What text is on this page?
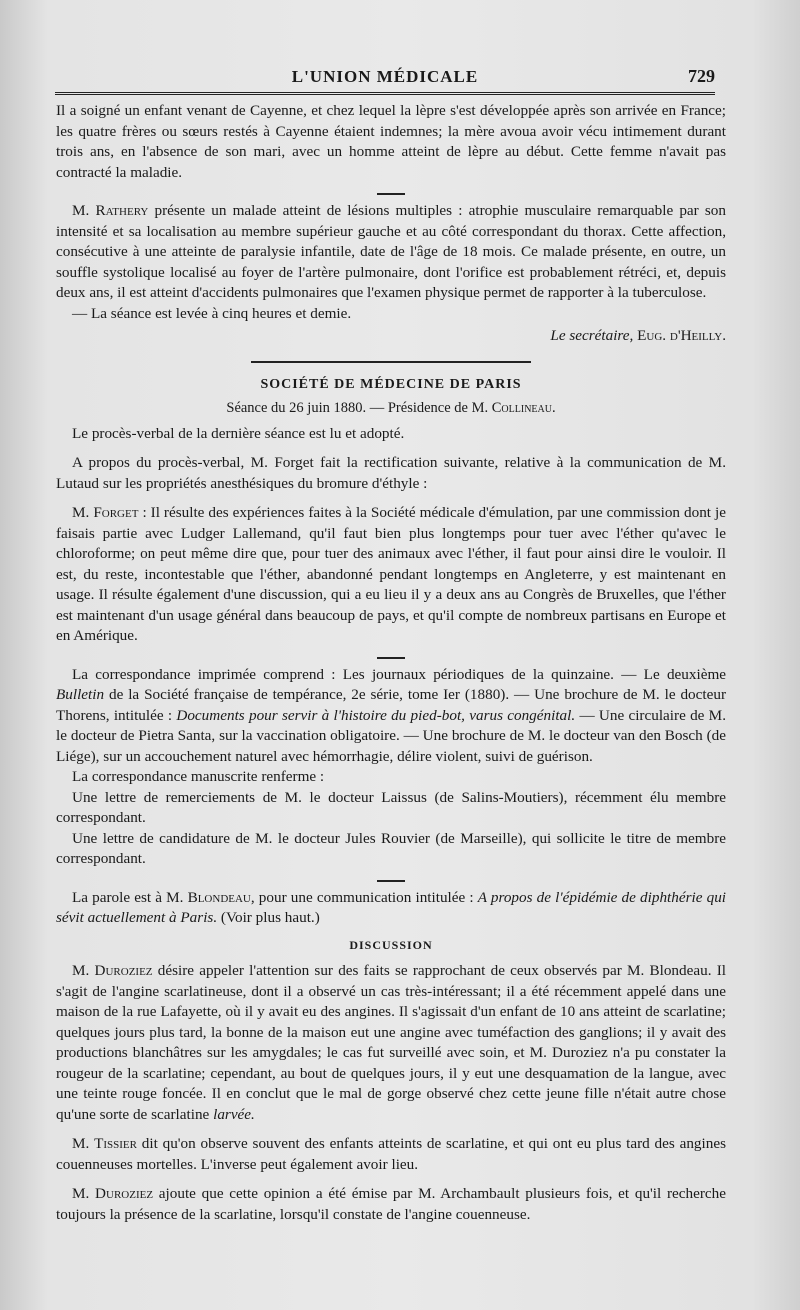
L'UNION MÉDICALE	729

Il a soigné un enfant venant de Cayenne, et chez lequel la lèpre s'est développée après son arrivée en France; les quatre frères ou sœurs restés à Cayenne étaient indemnes; la mère avoua avoir vécu intimement durant trois ans, en l'absence de son mari, avec un homme atteint de lèpre au début. Cette femme n'avait pas contracté la maladie.

M. Rathery présente un malade atteint de lésions multiples : atrophie musculaire remarquable par son intensité et sa localisation au membre supérieur gauche et au côté correspondant du thorax. Cette affection, consécutive à une atteinte de paralysie infantile, date de l'âge de 18 mois. Ce malade présente, en outre, un souffle systolique localisé au foyer de l'artère pulmonaire, dont l'orifice est probablement rétréci, et, depuis deux ans, il est atteint d'accidents pulmonaires que l'examen physique permet de rapporter à la tuberculose.

— La séance est levée à cinq heures et demie.

Le secrétaire, Eug. d'Heilly.

SOCIÉTÉ DE MÉDECINE DE PARIS

Séance du 26 juin 1880. — Présidence de M. Collineau.

Le procès-verbal de la dernière séance est lu et adopté.

A propos du procès-verbal, M. Forget fait la rectification suivante, relative à la communication de M. Lutaud sur les propriétés anesthésiques du bromure d'éthyle :

M. Forget : Il résulte des expériences faites à la Société médicale d'émulation, par une commission dont je faisais partie avec Ludger Lallemand, qu'il faut bien plus longtemps pour tuer avec l'éther qu'avec le chloroforme; on peut même dire que, pour tuer des animaux avec l'éther, il faut pour ainsi dire le vouloir. Il est, du reste, incontestable que l'éther, abandonné pendant longtemps en Angleterre, y est maintenant en usage. Il résulte également d'une discussion, qui a eu lieu il y a deux ans au Congrès de Bruxelles, que l'éther est maintenant d'un usage général dans beaucoup de pays, et qu'il compte de nombreux partisans en Europe et en Amérique.

La correspondance imprimée comprend : Les journaux périodiques de la quinzaine. — Le deuxième Bulletin de la Société française de tempérance, 2e série, tome Ier (1880). — Une brochure de M. le docteur Thorens, intitulée : Documents pour servir à l'histoire du pied-bot, varus congénital. — Une circulaire de M. le docteur de Pietra Santa, sur la vaccination obligatoire. — Une brochure de M. le docteur van den Bosch (de Liége), sur un accouchement naturel avec hémorrhagie, délire violent, suivi de guérison.

La correspondance manuscrite renferme :

Une lettre de remerciements de M. le docteur Laissus (de Salins-Moutiers), récemment élu membre correspondant.

Une lettre de candidature de M. le docteur Jules Rouvier (de Marseille), qui sollicite le titre de membre correspondant.

La parole est à M. Blondeau, pour une communication intitulée : A propos de l'épidémie de diphthérie qui sévit actuellement à Paris. (Voir plus haut.)

DISCUSSION

M. Duroziez désire appeler l'attention sur des faits se rapprochant de ceux observés par M. Blondeau. Il s'agit de l'angine scarlatineuse, dont il a observé un cas très-intéressant; il a été récemment appelé dans une maison de la rue Lafayette, où il y avait eu des angines. Il s'agissait d'un enfant de 10 ans atteint de scarlatine; quelques jours plus tard, la bonne de la maison eut une angine avec tuméfaction des ganglions; il y avait des productions blanchâtres sur les amygdales; le cas fut surveillé avec soin, et M. Duroziez n'a pu constater la rougeur de la scarlatine; cependant, au bout de quelques jours, il y eut une desquamation de la langue, avec une teinte rouge foncée. Il en conclut que le mal de gorge observé chez cette jeune fille n'était autre chose qu'une sorte de scarlatine larvée.

M. Tissier dit qu'on observe souvent des enfants atteints de scarlatine, et qui ont eu plus tard des angines couenneuses mortelles. L'inverse peut également avoir lieu.

M. Duroziez ajoute que cette opinion a été émise par M. Archambault plusieurs fois, et qu'il recherche toujours la présence de la scarlatine, lorsqu'il constate de l'angine couenneuse.
